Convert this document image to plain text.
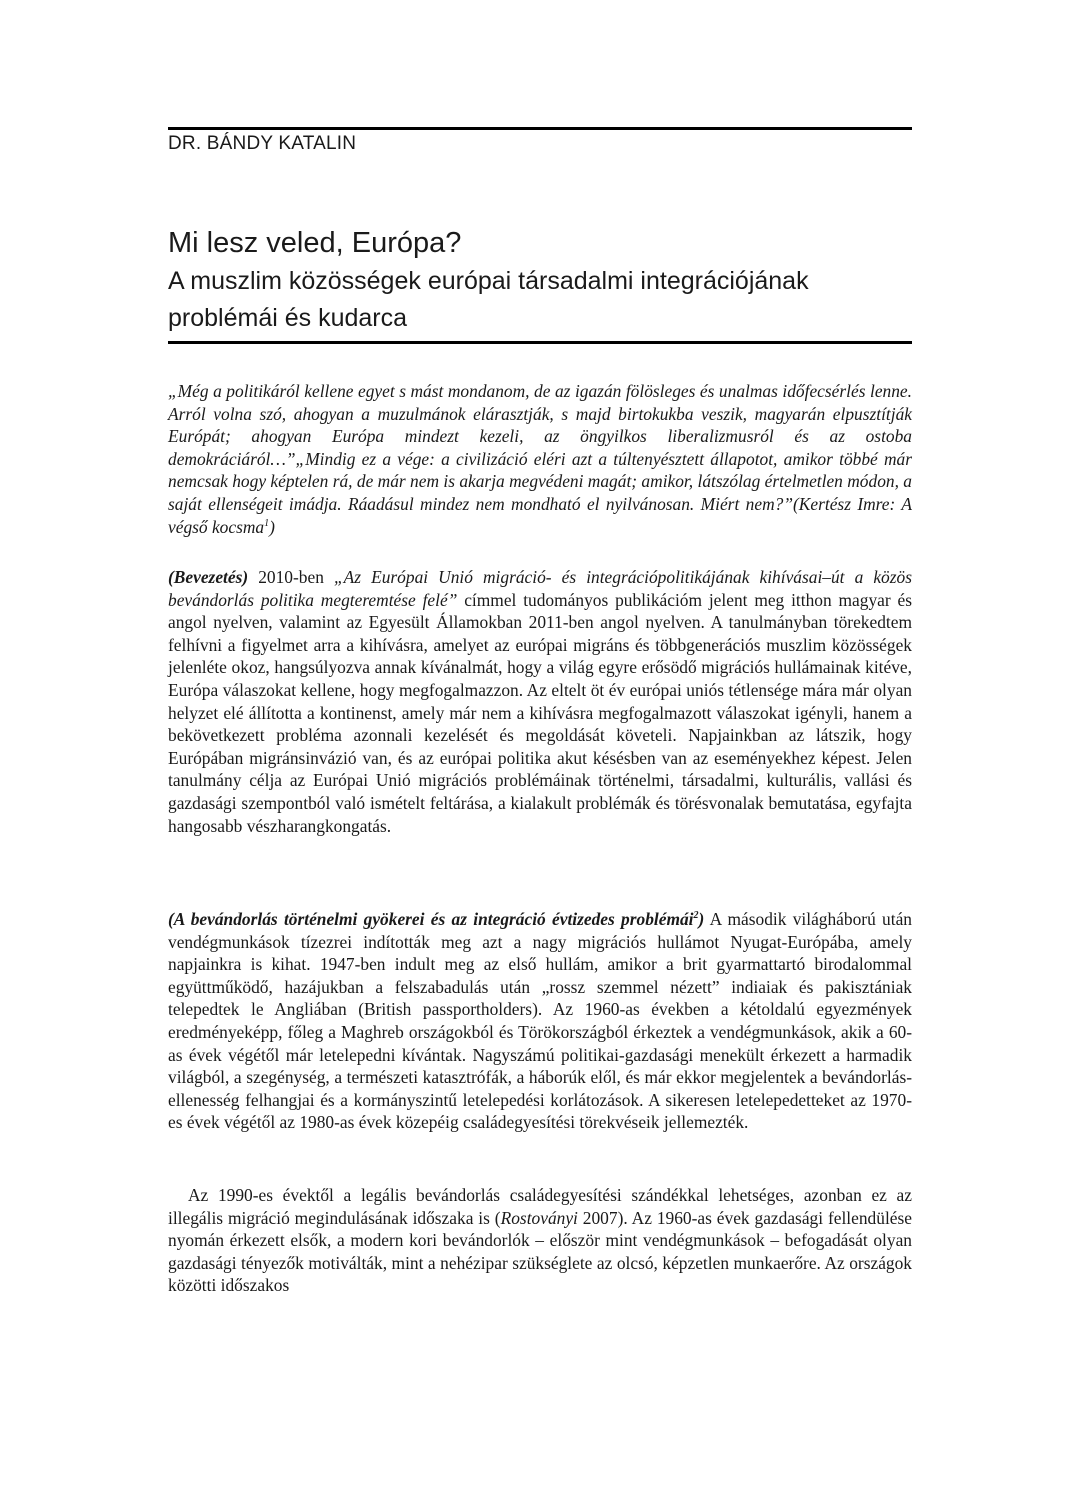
DR. BÁNDY KATALIN
Mi lesz veled, Európa?
A muszlim közösségek európai társadalmi integrációjának problémái és kudarca

„Még a politikáról kellene egyet s mást mondanom, de az igazán fölösleges és unalmas időfecsérlés lenne. Arról volna szó, ahogyan a muzulmánok elárasztják, s majd birtokukba veszik, magyarán elpusztítják Európát; ahogyan Európa mindezt kezeli, az öngyilkos liberalizmusról és az ostoba demokráciáról…”„Mindig ez a vége: a civilizáció eléri azt a túltenyésztett állapotot, amikor többé már nemcsak hogy képtelen rá, de már nem is akarja megvédeni magát; amikor, látszólag értelmetlen módon, a saját ellenségeit imádja. Ráadásul mindez nem mondható el nyilvánosan. Miért nem?”(Kertész Imre: A végső kocsma$^1$)

(Bevezetés) 2010-ben „Az Európai Unió migráció- és integrációpolitikájának kihívásai–út a közös bevándorlás politika megteremtése felé” címmel tudományos publikációm jelent meg itthon magyar és angol nyelven, valamint az Egyesült Államokban 2011-ben angol nyelven. A tanulmányban törekedtem felhívni a figyelmet arra a kihívásra, amelyet az európai migráns és többgenerációs muszlim közösségek jelenléte okoz, hangsúlyozva annak kívánalmát, hogy a világ egyre erősödő migrációs hullámainak kitéve, Európa válaszokat kellene, hogy megfogalmazzon. Az eltelt öt év európai uniós tétlensége mára már olyan helyzet elé állította a kontinenst, amely már nem a kihívásra megfogalmazott válaszokat igényli, hanem a bekövetkezett probléma azonnali kezelését és megoldását követeli. Napjainkban az látszik, hogy Európában migránsinvázió van, és az európai politika akut késésben van az eseményekhez képest. Jelen tanulmány célja az Európai Unió migrációs problémáinak történelmi, társadalmi, kulturális, vallási és gazdasági szempontból való ismételt feltárása, a kialakult problémák és törésvonalak bemutatása, egyfajta hangosabb vészharangkongatás.

(A bevándorlás történelmi gyökerei és az integráció évtizedes problémái$^2$) A második világháború után vendégmunkások tízezrei indították meg azt a nagy migrációs hullámot Nyugat-Európába, amely napjainkra is kihat. 1947-ben indult meg az első hullám, amikor a brit gyarmattartó birodalommal együttműködő, hazájukban a felszabadulás után „rossz szemmel nézett” indiaiak és pakisztániak telepedtek le Angliában (British passportholders). Az 1960-as években a kétoldalú egyezmények eredményeképp, főleg a Maghreb országokból és Törökországból érkeztek a vendégmunkások, akik a 60-as évek végétől már letelepedni kívántak. Nagyszámú politikai-gazdasági menekült érkezett a harmadik világból, a szegénység, a természeti katasztrófák, a háborúk elől, és már ekkor megjelentek a bevándorlás-ellenesség felhangjai és a kormányszintű letelepedési korlátozások. A sikeresen letelepedetteket az 1970-es évek végétől az 1980-as évek közepéig családegyesítési törekvéseik jellemezték.

Az 1990-es évektől a legális bevándorlás családegyesítési szándékkal lehetséges, azonban ez az illegális migráció megindulásának időszaka is (Rostoványi 2007). Az 1960-as évek gazdasági fellendülése nyomán érkezett elsők, a modern kori bevándorlók – először mint vendégmunkások – befogadását olyan gazdasági tényezők motiválták, mint a nehézipar szükséglete az olcsó, képzetlen munkaerőre. Az országok közötti időszakos
